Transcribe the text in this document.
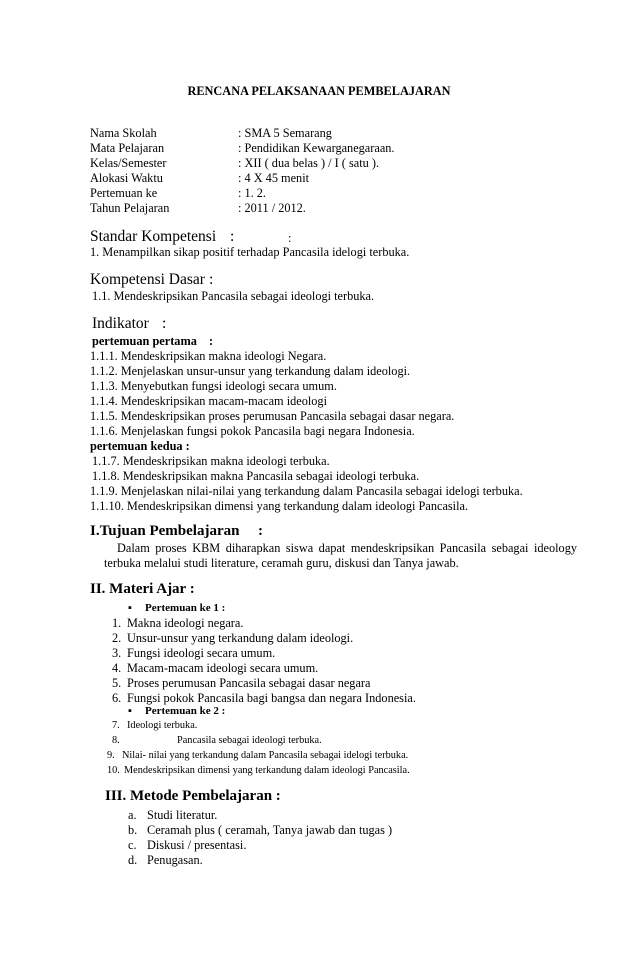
RENCANA PELAKSANAAN PEMBELAJARAN
Nama Skolah	: SMA 5 Semarang
Mata Pelajaran	: Pendidikan Kewarganegaraan.
Kelas/Semester	: XII ( dua belas ) / I ( satu ).
Alokasi Waktu	: 4 X 45 menit
Pertemuan ke	: 1. 2.
Tahun Pelajaran	: 2011 / 2012.
Standar Kompetensi :	:
1. Menampilkan sikap positif terhadap Pancasila idelogi terbuka.
Kompetensi Dasar :
1.1. Mendeskripsikan Pancasila sebagai ideologi terbuka.
Indikator :
pertemuan pertama :
1.1.1. Mendeskripsikan makna ideologi Negara.
1.1.2. Menjelaskan unsur-unsur yang terkandung dalam ideologi.
1.1.3. Menyebutkan fungsi ideologi secara umum.
1.1.4. Mendeskripsikan macam-macam ideologi
1.1.5. Mendeskripsikan proses perumusan Pancasila sebagai dasar negara.
1.1.6. Menjelaskan fungsi pokok Pancasila bagi negara Indonesia.
pertemuan kedua :
1.1.7. Mendeskripsikan makna ideologi terbuka.
1.1.8. Mendeskripsikan makna Pancasila sebagai ideologi terbuka.
1.1.9. Menjelaskan nilai-nilai yang terkandung dalam Pancasila sebagai idelogi terbuka.
1.1.10. Mendeskripsikan dimensi yang terkandung dalam ideologi Pancasila.
I.Tujuan Pembelajaran :
Dalam proses KBM diharapkan siswa dapat mendeskripsikan Pancasila sebagai ideology
terbuka melalui studi literature, ceramah guru, diskusi dan Tanya jawab.
II. Materi Ajar :
▪ Pertemuan ke 1 :
1. Makna ideologi negara.
2. Unsur-unsur yang terkandung dalam ideologi.
3. Fungsi ideologi secara umum.
4. Macam-macam ideologi secara umum.
5. Proses perumusan Pancasila sebagai dasar negara
6. Fungsi pokok Pancasila bagi bangsa dan negara Indonesia.
▪ Pertemuan ke 2 :
7. Ideologi terbuka.
8.	Pancasila sebagai ideologi terbuka.
9. Nilai- nilai yang terkandung dalam Pancasila sebagai idelogi terbuka.
10. Mendeskripsikan dimensi yang terkandung dalam ideologi Pancasila.
III. Metode Pembelajaran :
a. Studi literatur.
b. Ceramah plus ( ceramah, Tanya jawab dan tugas )
c. Diskusi / presentasi.
d. Penugasan.
